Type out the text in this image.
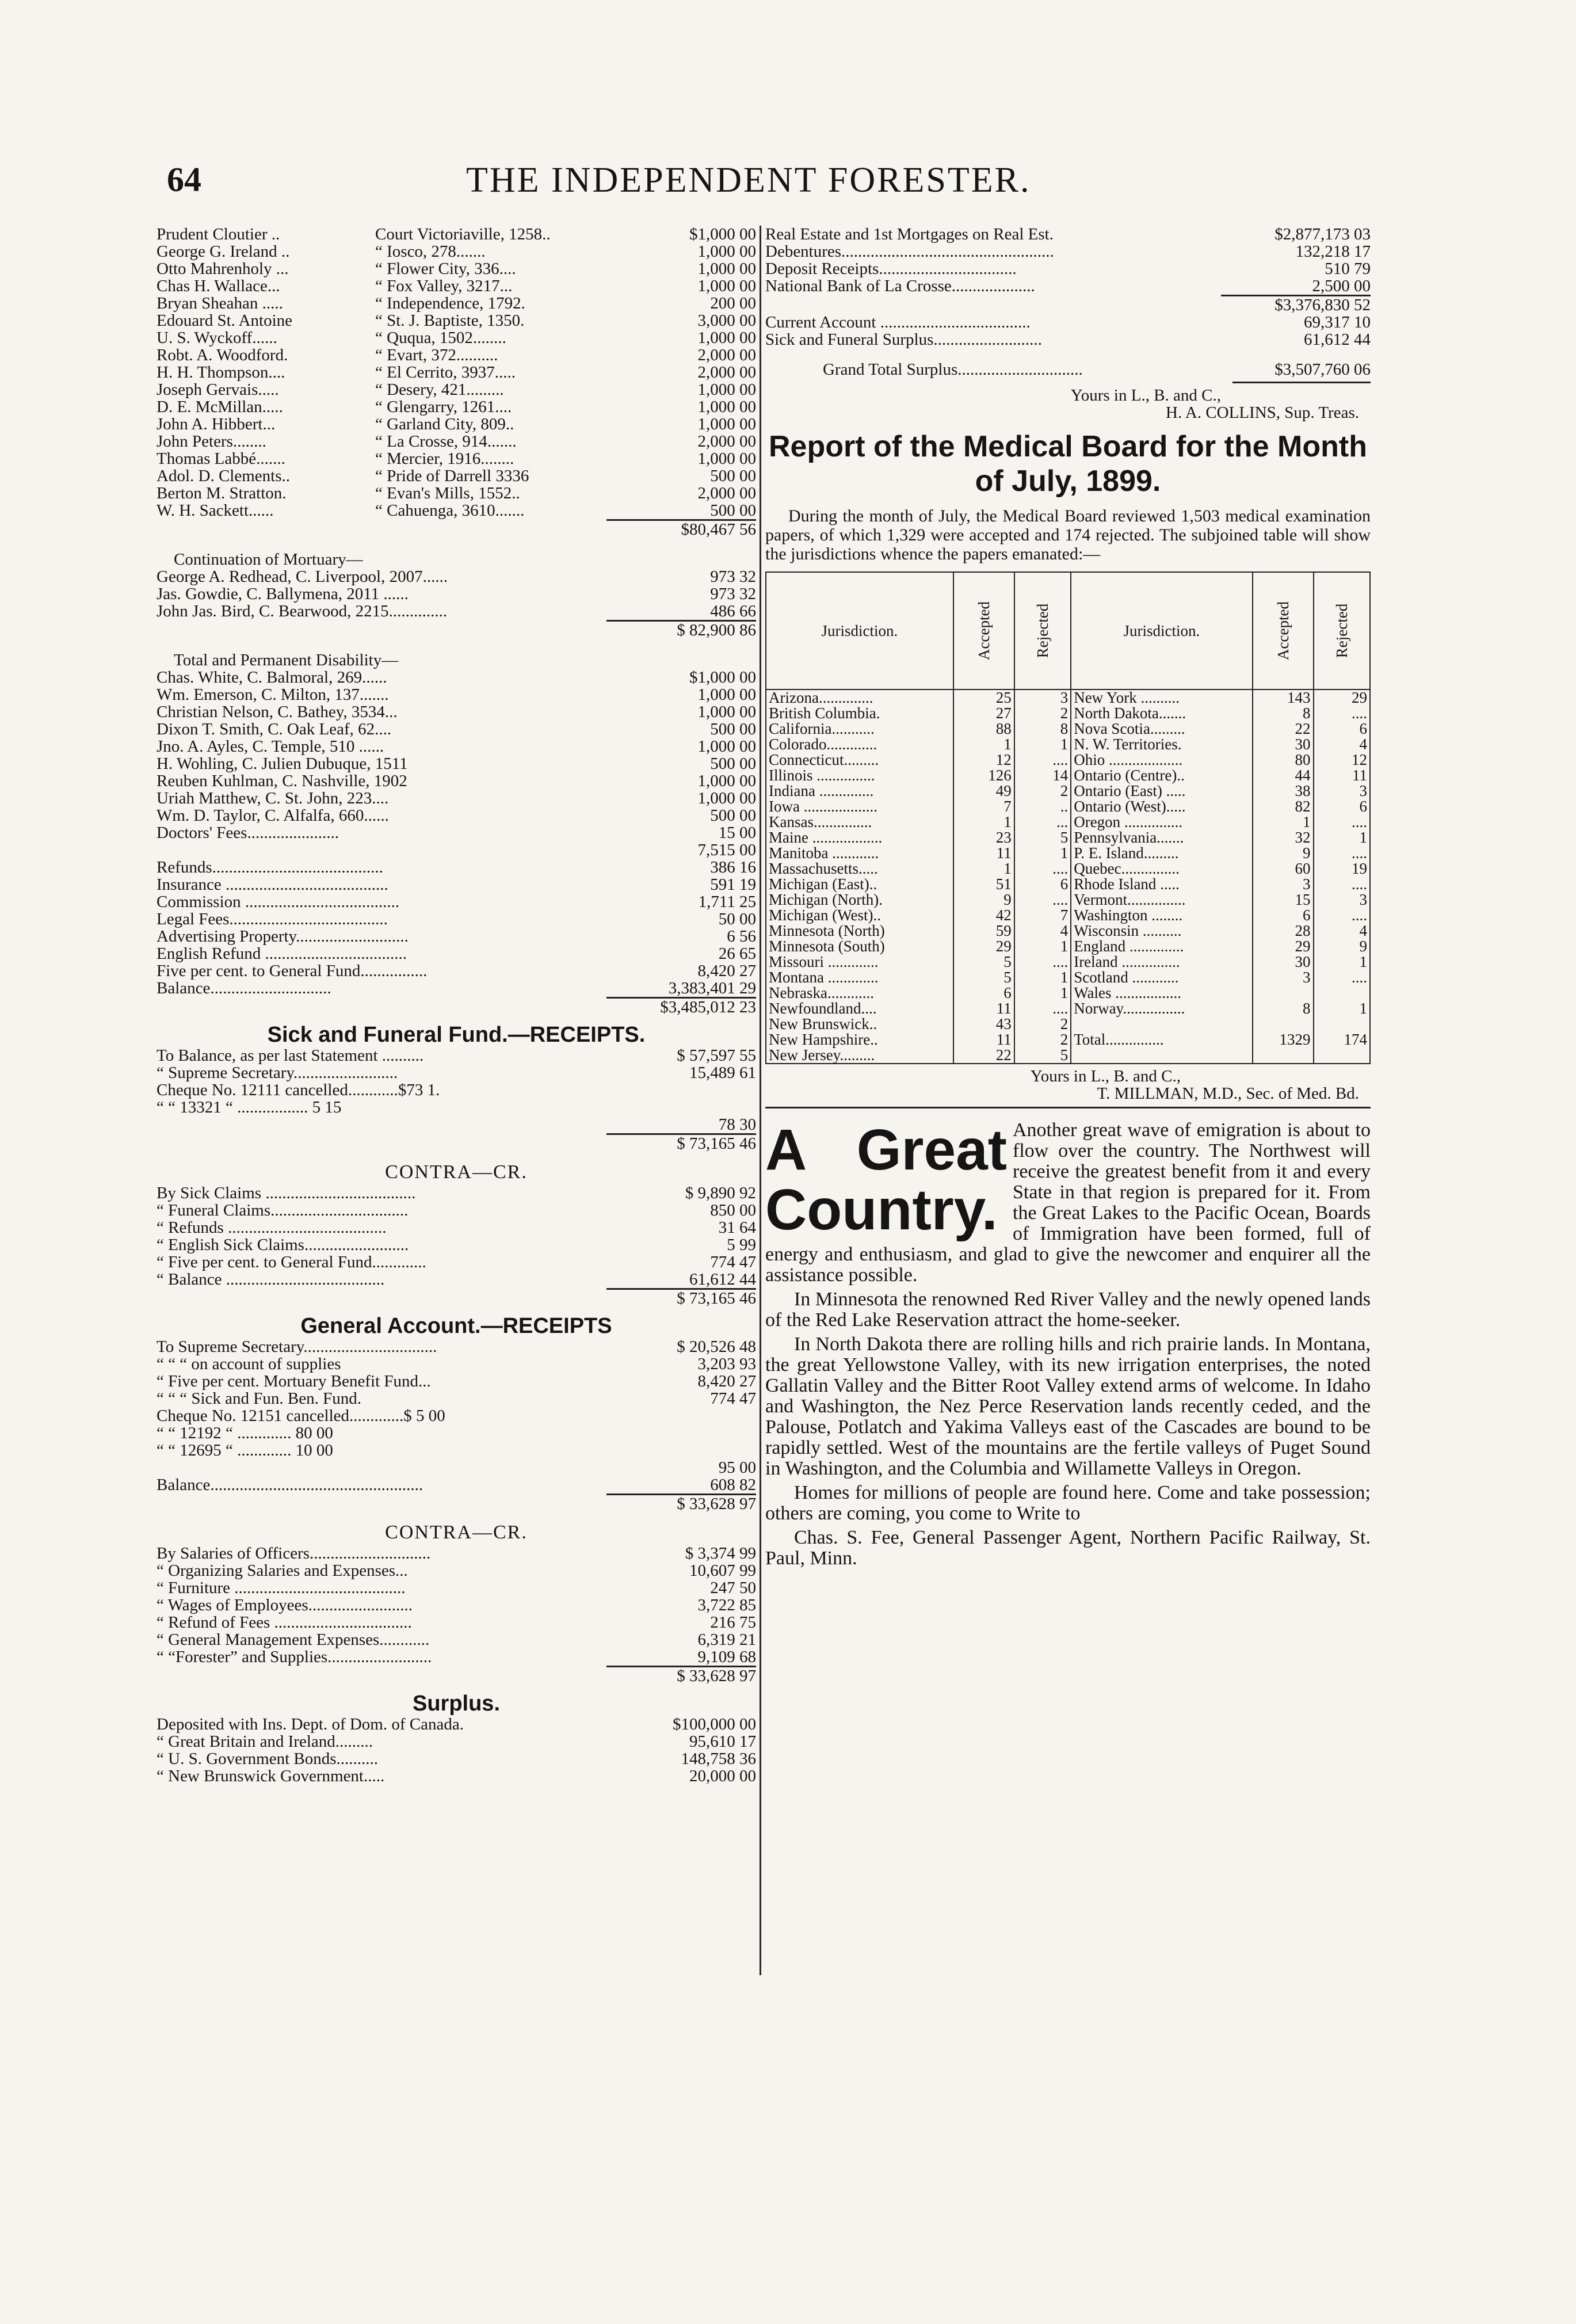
64	THE INDEPENDENT FORESTER.
Prudent Cloutier ..	Court Victoriaville, 1258..	$1,000 00
George G. Ireland ..	“ Iosco, 278.......	1,000 00
Otto Mahrenholy ...	“ Flower City, 336....	1,000 00
Chas H. Wallace...	“ Fox Valley, 3217...	1,000 00
Bryan Sheahan .....	“ Independence, 1792.	200 00
Edouard St. Antoine	“ St. J. Baptiste, 1350.	3,000 00
U. S. Wyckoff......	“ Ququa, 1502........	1,000 00
Robt. A. Woodford.	“ Evart, 372..........	2,000 00
H. H. Thompson....	“ El Cerrito, 3937.....	2,000 00
Joseph Gervais.....	“ Desery, 421.........	1,000 00
D. E. McMillan.....	“ Glengarry, 1261....	1,000 00
John A. Hibbert...	“ Garland City, 809..	1,000 00
John Peters........	“ La Crosse, 914.......	2,000 00
Thomas Labbé.......	“ Mercier, 1916........	1,000 00
Adol. D. Clements..	“ Pride of Darrell 3336	500 00
Berton M. Stratton.	“ Evan's Mills, 1552..	2,000 00
W. H. Sackett......	“ Cahuenga, 3610.......	500 00
$80,467 56
Continuation of Mortuary—
George A. Redhead, C. Liverpool, 2007......	973 32
Jas. Gowdie, C. Ballymena, 2011 ......	973 32
John Jas. Bird, C. Bearwood, 2215..............	486 66
$ 82,900 86
Total and Permanent Disability—
Chas. White, C. Balmoral, 269......	$1,000 00
Wm. Emerson, C. Milton, 137.......	1,000 00
Christian Nelson, C. Bathey, 3534...	1,000 00
Dixon T. Smith, C. Oak Leaf, 62....	500 00
Jno. A. Ayles, C. Temple, 510 ......	1,000 00
H. Wohling, C. Julien Dubuque, 1511	500 00
Reuben Kuhlman, C. Nashville, 1902	1,000 00
Uriah Matthew, C. St. John, 223....	1,000 00
Wm. D. Taylor, C. Alfalfa, 660......	500 00
Doctors' Fees......................	15 00
7,515 00
Refunds.........................................	386 16
Insurance .......................................	591 19
Commission .....................................	1,711 25
Legal Fees......................................	50 00
Advertising Property...........................	6 56
English Refund ..................................	26 65
Five per cent. to General Fund................	8,420 27
Balance.............................	3,383,401 29
$3,485,012 23
Sick and Funeral Fund.—RECEIPTS.
To Balance, as per last Statement ..........	$ 57,597 55
“ Supreme Secretary.........................	15,489 61
Cheque No. 12111 cancelled............$73 1.
“ “ 13321 “ ................. 5 15
78 30
$ 73,165 46
CONTRA—CR.
By Sick Claims ....................................	$ 9,890 92
“ Funeral Claims.................................	850 00
“ Refunds ......................................	31 64
“ English Sick Claims.........................	5 99
“ Five per cent. to General Fund.............	774 47
“ Balance ......................................	61,612 44
$ 73,165 46
General Account.—RECEIPTS
To Supreme Secretary................................	$ 20,526 48
“ “ “ on account of supplies	3,203 93
“ Five per cent. Mortuary Benefit Fund...	8,420 27
“ “ “ Sick and Fun. Ben. Fund.	774 47
Cheque No. 12151 cancelled.............$ 5 00
“ “ 12192 “ ............. 80 00
“ “ 12695 “ ............. 10 00
95 00
Balance...................................................	608 82
$ 33,628 97
CONTRA—CR.
By Salaries of Officers.............................	$ 3,374 99
“ Organizing Salaries and Expenses...	10,607 99
“ Furniture .........................................	247 50
“ Wages of Employees.........................	3,722 85
“ Refund of Fees .................................	216 75
“ General Management Expenses............	6,319 21
“ “Forester” and Supplies.........................	9,109 68
$ 33,628 97
Surplus.
Deposited with Ins. Dept. of Dom. of Canada.	$100,000 00
“ Great Britain and Ireland.........	95,610 17
“ U. S. Government Bonds..........	148,758 36
“ New Brunswick Government.....	20,000 00
Real Estate and 1st Mortgages on Real Est.	$2,877,173 03
Debentures...................................................	132,218 17
Deposit Receipts.................................	510 79
National Bank of La Crosse....................	2,500 00
$3,376,830 52
Current Account ....................................	69,317 10
Sick and Funeral Surplus..........................	61,612 44
Grand Total Surplus..............................	$3,507,760 06
Yours in L., B. and C.,
H. A. COLLINS, Sup. Treas.
Report of the Medical Board for the Month of July, 1899.
During the month of July, the Medical Board reviewed 1,503 medical examination papers, of which 1,329 were accepted and 174 rejected. The subjoined table will show the jurisdictions whence the papers emanated:—
Jurisdiction.	Accepted	Rejected	Jurisdiction.	Accepted	Rejected
Arizona..............	25	3	New York ..........	143	29
British Columbia.	27	2	North Dakota.......	8	....
California...........	88	8	Nova Scotia.........	22	6
Colorado.............	1	1	N. W. Territories.	30	4
Connecticut.........	12	....	Ohio ...................	80	12
Illinois ...............	126	14	Ontario (Centre)..	44	11
Indiana ..............	49	2	Ontario (East) .....	38	3
Iowa ...................	7	..	Ontario (West).....	82	6
Kansas...............	1	...	Oregon ...............	1	....
Maine ..................	23	5	Pennsylvania.......	32	1
Manitoba ............	11	1	P. E. Island.........	9	....
Massachusetts.....	1	....	Quebec...............	60	19
Michigan (East)..	51	6	Rhode Island .....	3	....
Michigan (North).	9	....	Vermont...............	15	3
Michigan (West)..	42	7	Washington ........	6	....
Minnesota (North)	59	4	Wisconsin ..........	28	4
Minnesota (South)	29	1	England ..............	29	9
Missouri .............	5	....	Ireland ...............	30	1
Montana .............	5	1	Scotland ............	3	....
Nebraska............	6	1	Wales .................		
Newfoundland....	11	....	Norway................	8	1
New Brunswick..	43	2			
New Hampshire..	11	2	Total...............	1329	174
New Jersey.........	22	5			
Yours in L., B. and C.,
T. MILLMAN, M.D., Sec. of Med. Bd.
A Great Country.

Another great wave of emigration is about to flow over the country. The Northwest will receive the greatest benefit from it and every State in that region is prepared for it. From the Great Lakes to the Pacific Ocean, Boards of Immigration have been formed, full of energy and enthusiasm, and glad to give the newcomer and enquirer all the assistance possible.

In Minnesota the renowned Red River Valley and the newly opened lands of the Red Lake Reservation attract the home-seeker.

In North Dakota there are rolling hills and rich prairie lands. In Montana, the great Yellowstone Valley, with its new irrigation enterprises, the noted Gallatin Valley and the Bitter Root Valley extend arms of welcome. In Idaho and Washington, the Nez Perce Reservation lands recently ceded, and the Palouse, Potlatch and Yakima Valleys east of the Cascades are bound to be rapidly settled. West of the mountains are the fertile valleys of Puget Sound in Washington, and the Columbia and Willamette Valleys in Oregon.

Homes for millions of people are found here. Come and take possession; others are coming, you come to Write to

Chas. S. Fee, General Passenger Agent, Northern Pacific Railway, St. Paul, Minn.
